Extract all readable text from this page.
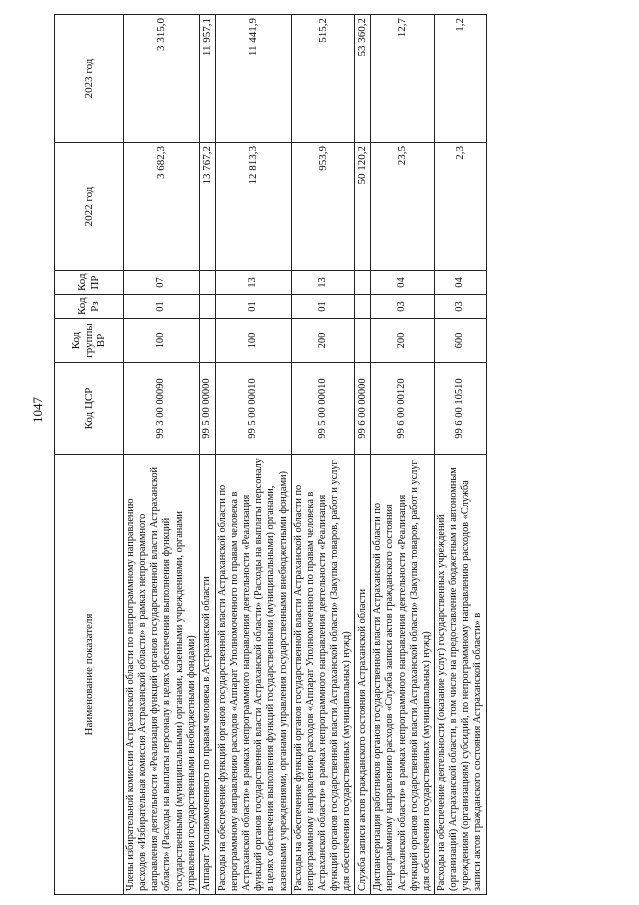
1047
Наименование показателя	Код ЦСР	Код группы ВР	Код Рз	Код ПР	2022 год	2023 год
Члены избирательной комиссии Астраханской области по непрограммному направлению расходов «Избирательная комиссия Астраханской области» в рамках непрограммного направления деятельности «Реализация функций органов государственной власти Астраханской области» (Расходы на выплаты персоналу в целях обеспечения выполнения функций государственными (муниципальными) органами, казенными учреждениями, органами управления государственными внебюджетными фондами)	99 3 00 00090	100	01	07	3 682,3	3 315,0
Аппарат Уполномоченного по правам человека в Астраханской области	99 5 00 00000				13 767,2	11 957,1
Расходы на обеспечение функций органов государственной власти Астраханской области по непрограммному направлению расходов «Аппарат Уполномоченного по правам человека в Астраханской области» в рамках непрограммного направления деятельности «Реализация функций органов государственной власти Астраханской области» (Расходы на выплаты персоналу в целях обеспечения выполнения функций государственными (муниципальными) органами, казенными учреждениями, органами управления государственными внебюджетными фондами)	99 5 00 00010	100	01	13	12 813,3	11 441,9
Расходы на обеспечение функций органов государственной власти Астраханской области по непрограммному направлению расходов «Аппарат Уполномоченного по правам человека в Астраханской области» в рамках непрограммного направления деятельности «Реализация функций органов государственной власти Астраханской области» (Закупка товаров, работ и услуг для обеспечения государственных (муниципальных) нужд)	99 5 00 00010	200	01	13	953,9	515,2
Служба записи актов гражданского состояния Астраханской области	99 6 00 00000				50 120,2	53 360,2
Диспансеризация работников органов государственной власти Астраханской области по непрограммному направлению расходов «Служба записи актов гражданского состояния Астраханской области» в рамках непрограммного направления деятельности «Реализация функций органов государственной власти Астраханской области» (Закупка товаров, работ и услуг для обеспечения государственных (муниципальных) нужд)	99 6 00 00120	200	03	04	23,5	12,7
Расходы на обеспечение деятельности (оказание услуг) государственных учреждений (организаций) Астраханской области, в том числе на предоставление бюджетным и автономным учреждениям (организациям) субсидий, по непрограммному направлению расходов «Служба записи актов гражданского состояния Астраханской области» в	99 6 00 10510	600	03	04	2,3	1,2
